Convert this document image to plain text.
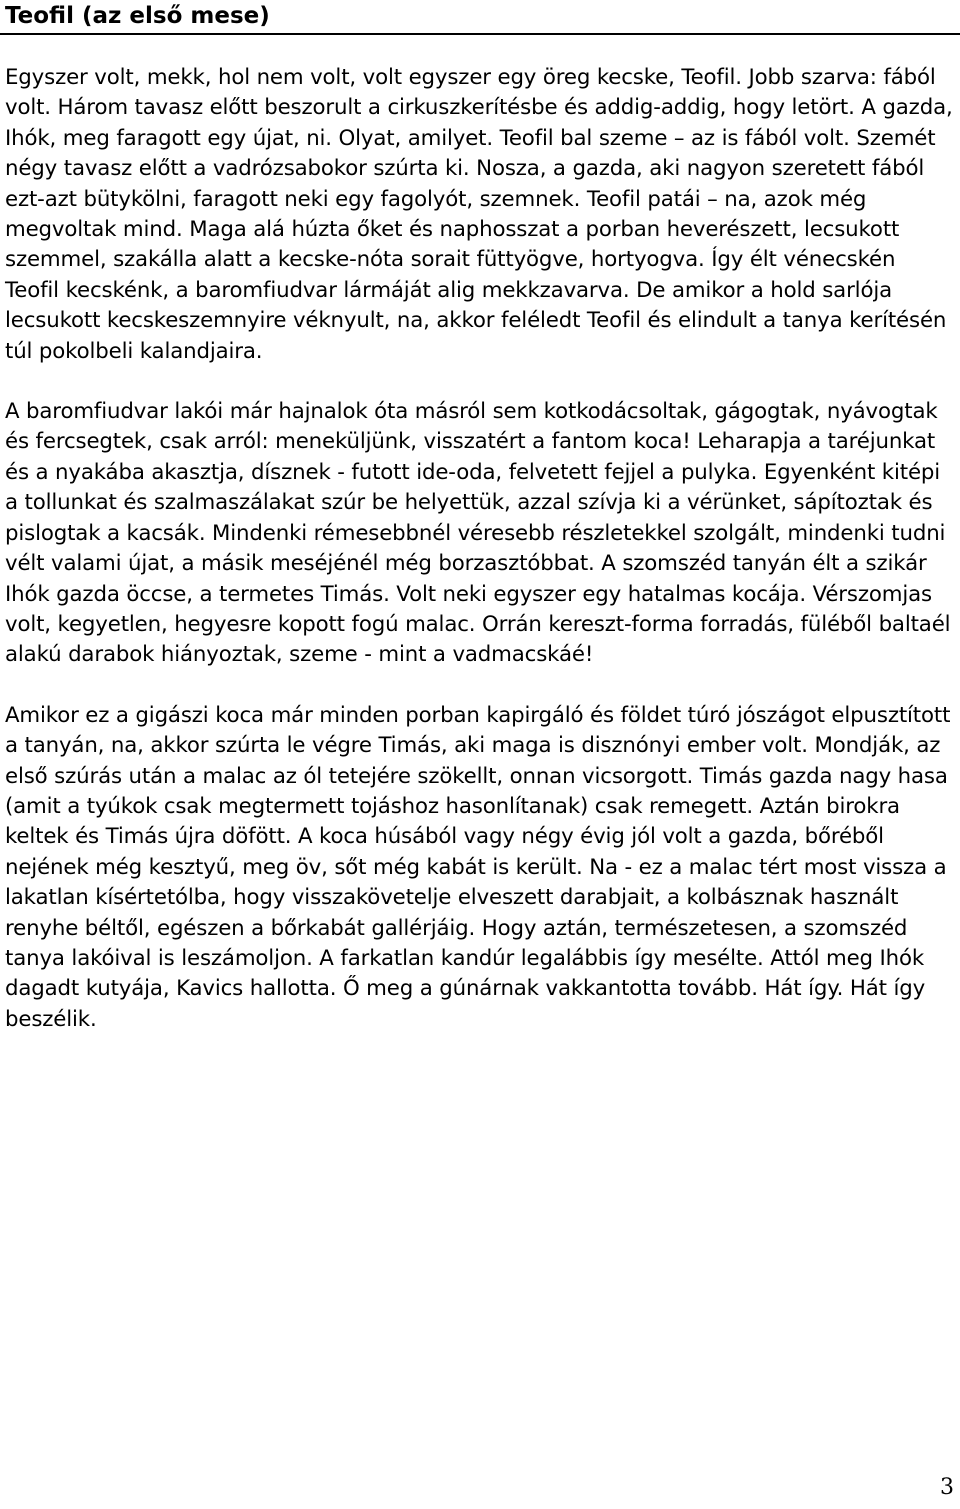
Teofil (az első mese)

Egyszer volt, mekk, hol nem volt, volt egyszer egy öreg kecske, Teofil. Jobb szarva: fából volt. Három tavasz előtt beszorult a cirkuszkerítésbe és addig-addig, hogy letört. A gazda, Ihók, meg faragott egy újat, ni. Olyat, amilyet. Teofil bal szeme – az is fából volt. Szemét négy tavasz előtt a vadrózsabokor szúrta ki. Nosza, a gazda, aki nagyon szeretett fából ezt-azt bütykölni, faragott neki egy fagolyót, szemnek. Teofil patái – na, azok még megvoltak mind. Maga alá húzta őket és naphosszat a porban heverészett, lecsukott szemmel, szakálla alatt a kecske-nóta sorait füttyögve, hortyogva. Így élt vénecskén Teofil kecskénk, a baromfiudvar lármáját alig mekkzavarva. De amikor a hold sarlója lecsukott kecskeszemnyire véknyult, na, akkor feléledt Teofil és elindult a tanya kerítésén túl pokolbeli kalandjaira.

A baromfiudvar lakói már hajnalok óta másról sem kotkodácsoltak, gágogtak, nyávogtak és fercsegtek, csak arról: meneküljünk, visszatért a fantom koca! Leharapja a taréjunkat és a nyakába akasztja, dísznek - futott ide-oda, felvetett fejjel a pulyka. Egyenként kitépi a tollunkat és szalmaszálakat szúr be helyettük, azzal szívja ki a vérünket, sápítoztak és pislogtak a kacsák. Mindenki rémesebbnél véresebb részletekkel szolgált, mindenki tudni vélt valami újat, a másik meséjénél még borzasztóbbat. A szomszéd tanyán élt a szikár Ihók gazda öccse, a termetes Timás. Volt neki egyszer egy hatalmas kocája. Vérszomjas volt, kegyetlen, hegyesre kopott fogú malac. Orrán kereszt-forma forradás, füléből baltaél alakú darabok hiányoztak, szeme - mint a vadmacskáé!

Amikor ez a gigászi koca már minden porban kapirgáló és földet túró jószágot elpusztított a tanyán, na, akkor szúrta le végre Timás, aki maga is disznónyi ember volt. Mondják, az első szúrás után a malac az ól tetejére szökellt, onnan vicsorgott. Timás gazda nagy hasa (amit a tyúkok csak megtermett tojáshoz hasonlítanak) csak remegett. Aztán birokra keltek és Timás újra döfött. A koca húsából vagy négy évig jól volt a gazda, bőréből nejének még kesztyű, meg öv, sőt még kabát is került. Na - ez a malac tért most vissza a lakatlan kísértetólba, hogy visszakövetelje elveszett darabjait, a kolbásznak használt renyhe béltől, egészen a bőrkabát gallérjáig. Hogy aztán, természetesen, a szomszéd tanya lakóival is leszámoljon. A farkatlan kandúr legalábbis így mesélte. Attól meg Ihók dagadt kutyája, Kavics hallotta. Ő meg a gúnárnak vakkantotta tovább. Hát így. Hát így beszélik.

3
